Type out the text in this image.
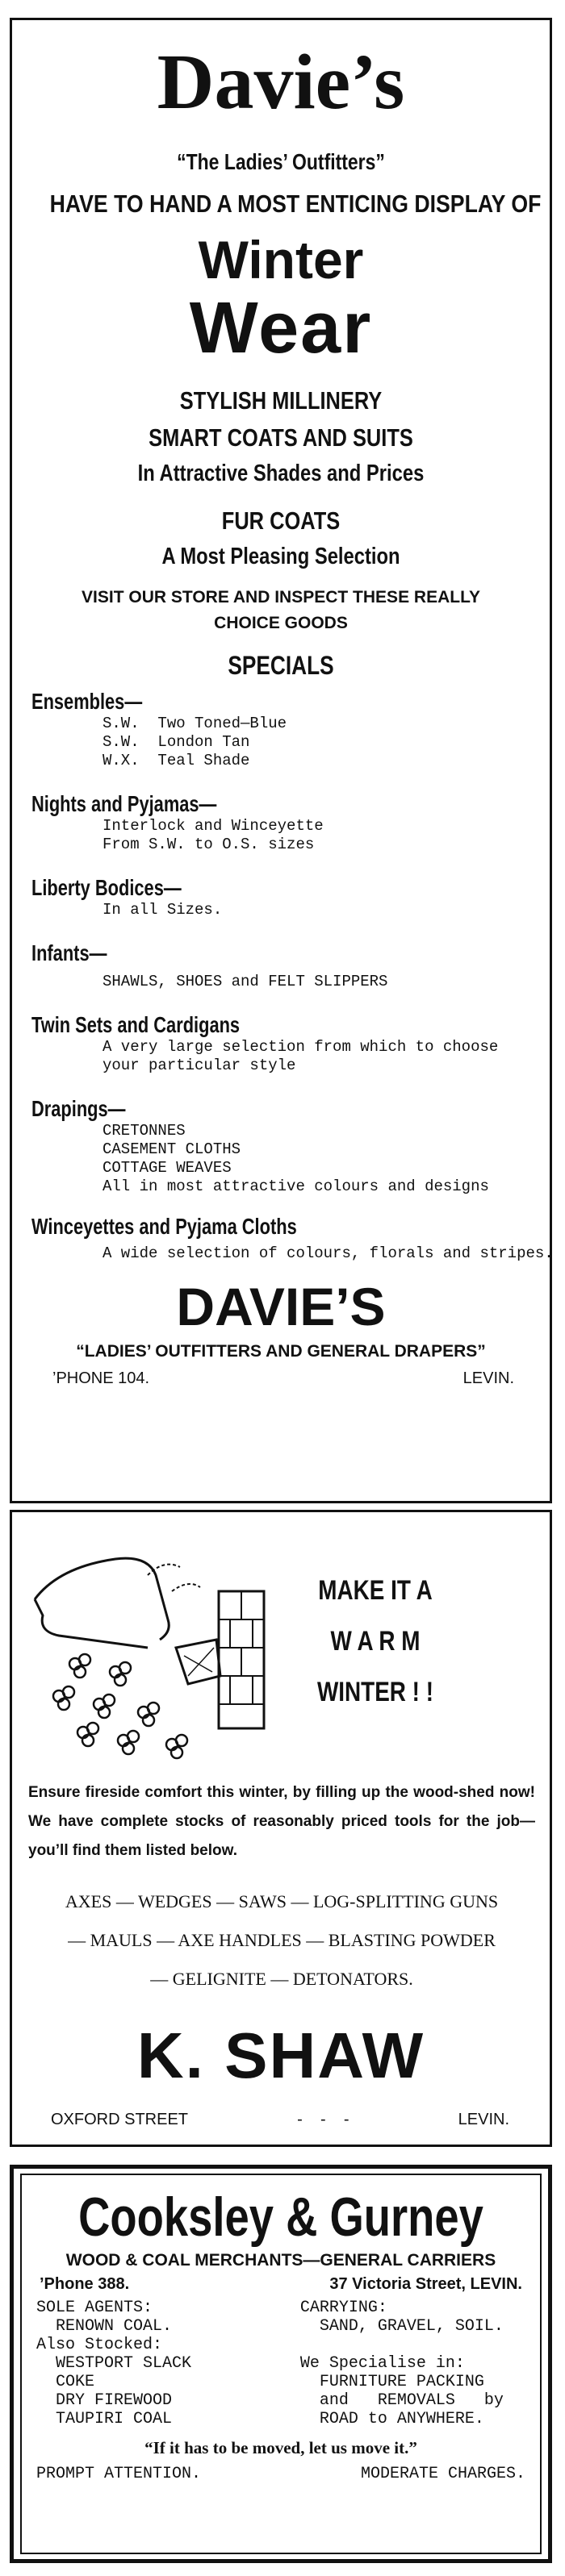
Davie’s
“The Ladies’ Outfitters”
HAVE TO HAND A MOST ENTICING DISPLAY OF
Winter
Wear
STYLISH MILLINERY
SMART COATS AND SUITS
In Attractive Shades and Prices
FUR COATS
A Most Pleasing Selection
VISIT OUR STORE AND INSPECT THESE REALLY
CHOICE GOODS
SPECIALS
Ensembles—
S.W.  Two Toned—Blue
S.W.  London Tan
W.X.  Teal Shade
Nights and Pyjamas—
Interlock and Winceyette
From S.W. to O.S. sizes
Liberty Bodices—
In all Sizes.
Infants—
SHAWLS, SHOES and FELT SLIPPERS
Twin Sets and Cardigans
A very large selection from which to choose
your particular style
Drapings—
CRETONNES
CASEMENT CLOTHS
COTTAGE WEAVES
All in most attractive colours and designs
Winceyettes and Pyjama Cloths
A wide selection of colours, florals and stripes.
DAVIE’S
“LADIES’ OUTFITTERS AND GENERAL DRAPERS”
’PHONE 104.	LEVIN.
MAKE IT A
W A R M
WINTER ! !
Ensure fireside comfort this winter, by filling up the wood-shed now! We have complete stocks of reasonably priced tools for the job—you’ll find them listed below.
AXES — WEDGES — SAWS — LOG-SPLITTING GUNS
— MAULS — AXE HANDLES — BLASTING POWDER
— GELIGNITE — DETONATORS.
K. SHAW
OXFORD STREET	-    -    -	LEVIN.
Cooksley & Gurney
WOOD & COAL MERCHANTS—GENERAL CARRIERS
’Phone 388.	37 Victoria Street, LEVIN.
SOLE AGENTS:
RENOWN COAL.
Also Stocked:
WESTPORT SLACK
COKE
DRY FIREWOOD
TAUPIRI COAL
CARRYING:
SAND, GRAVEL, SOIL.
We Specialise in:
FURNITURE PACKING
and   REMOVALS   by
ROAD to ANYWHERE.
“If it has to be moved, let us move it.”
PROMPT ATTENTION.	MODERATE CHARGES.
